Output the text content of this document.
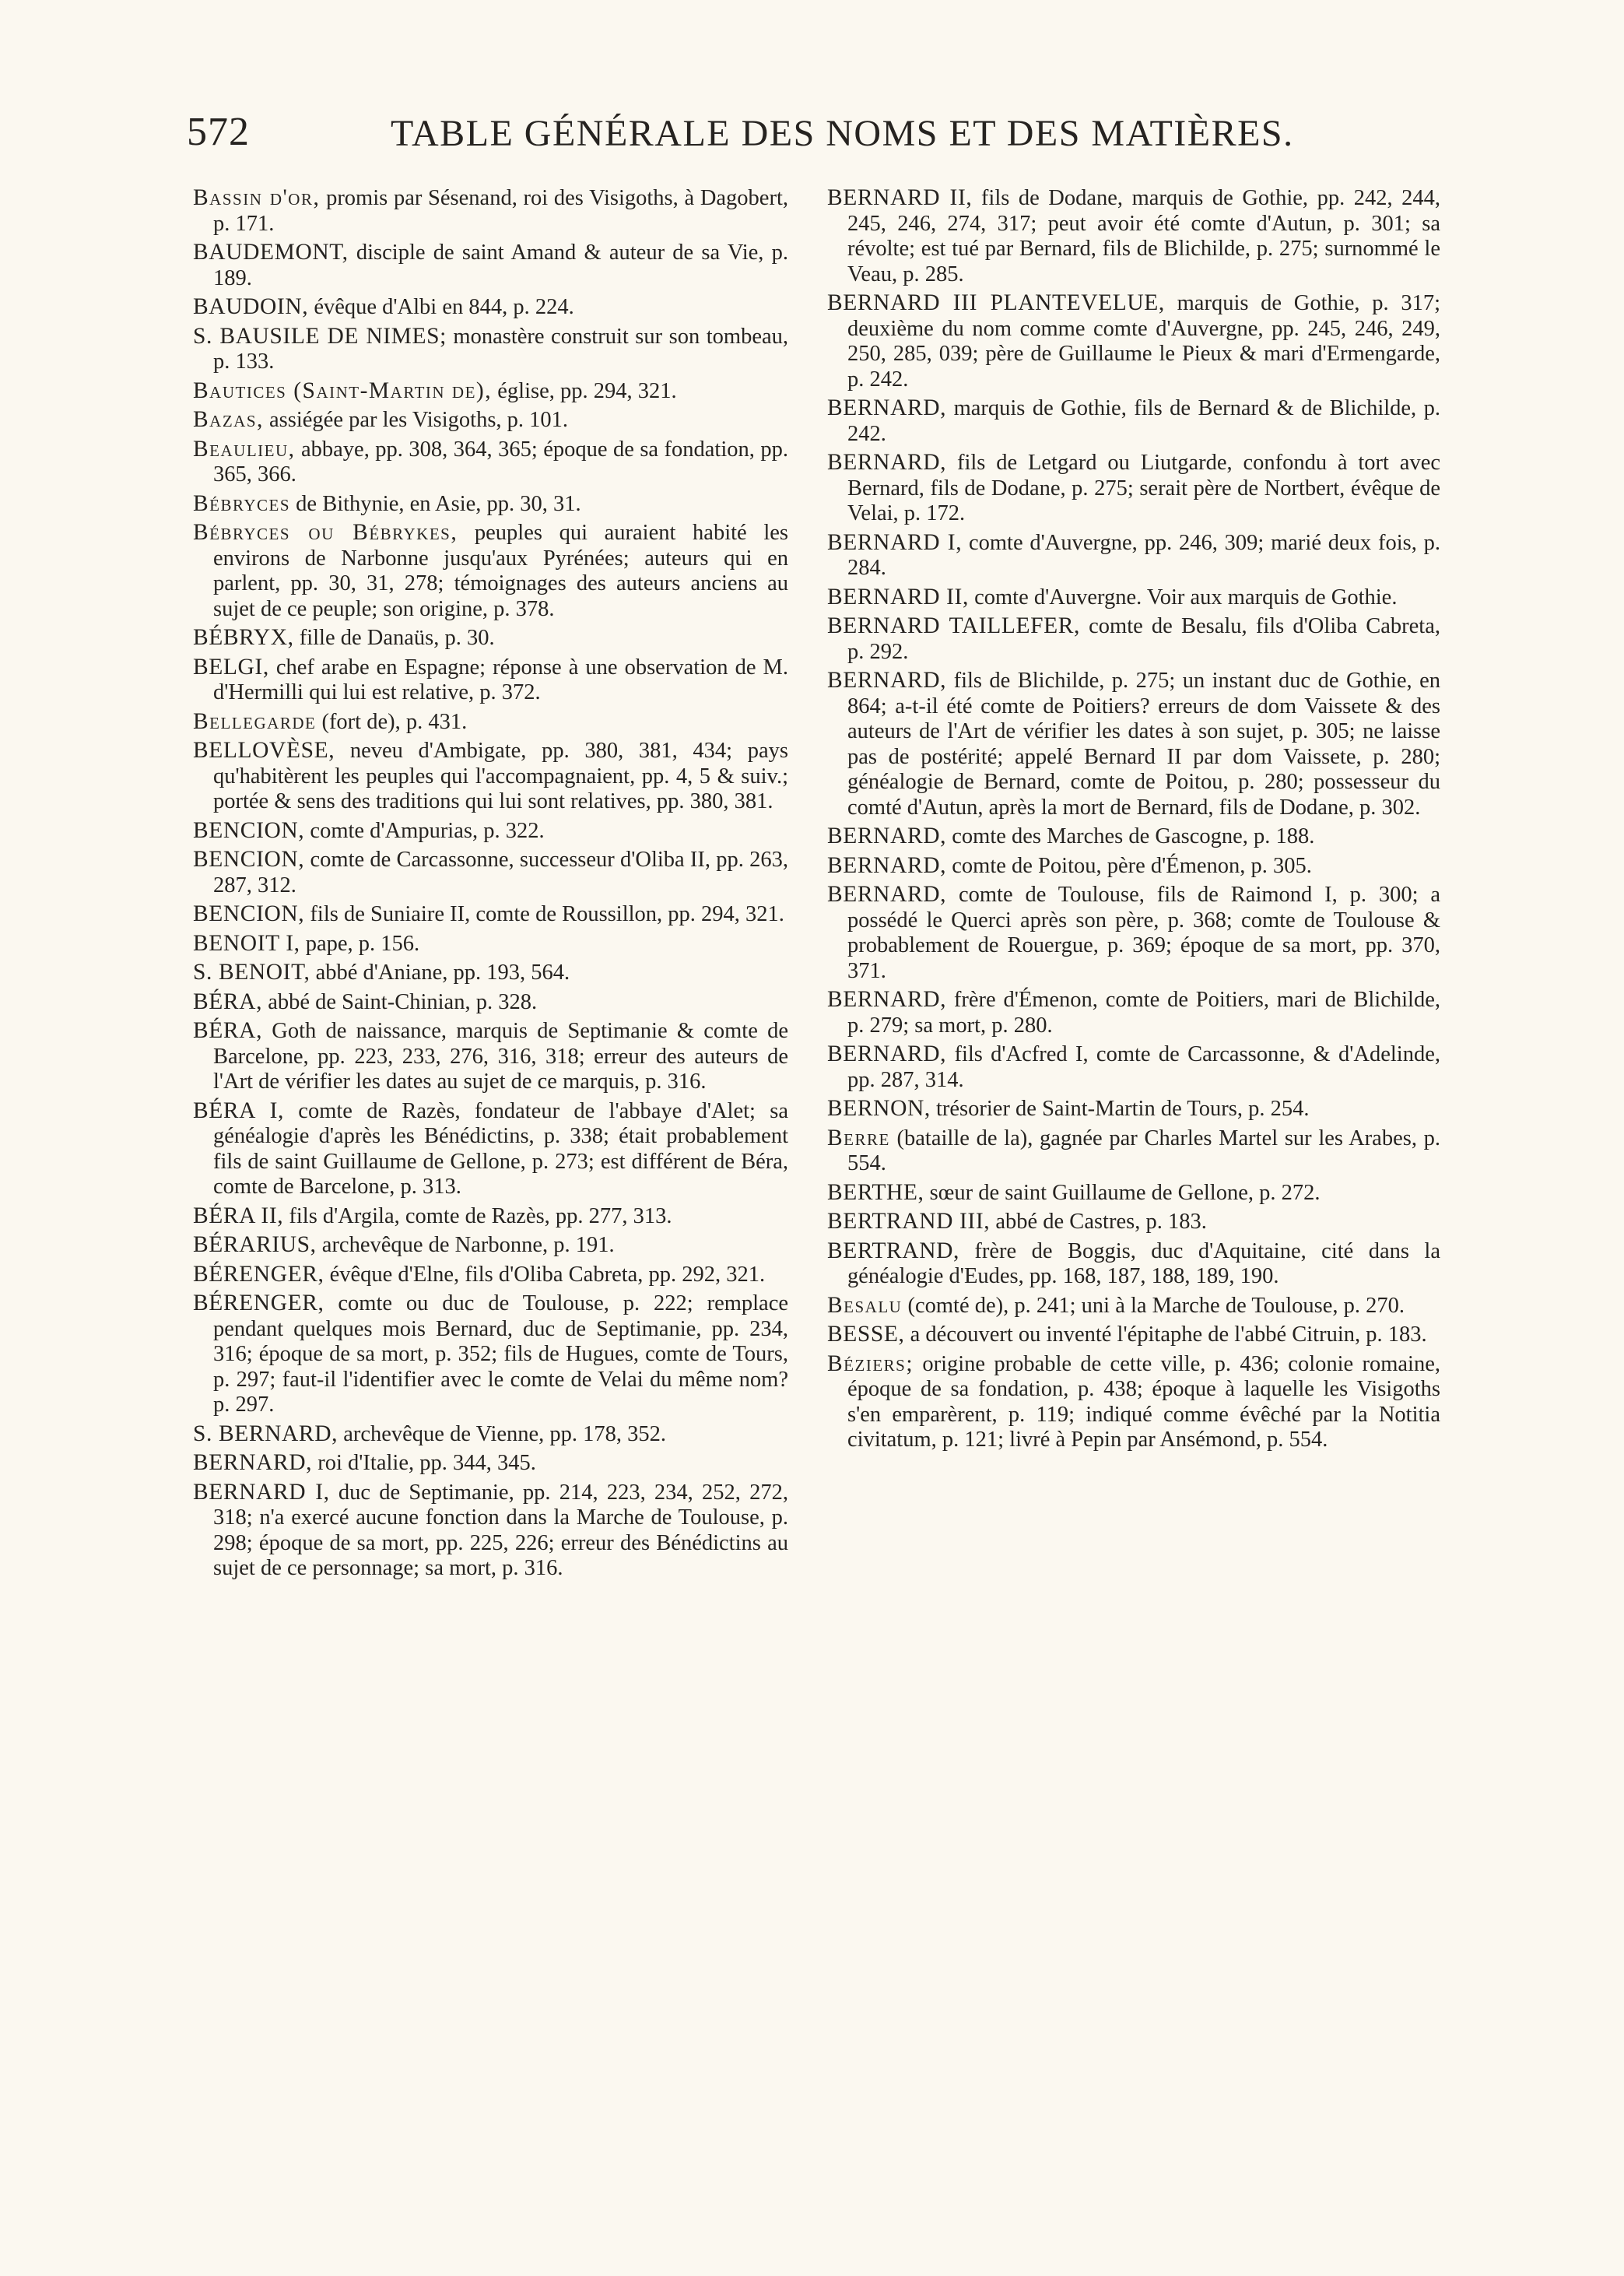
572	TABLE GÉNÉRALE DES NOMS ET DES MATIÈRES.

Bassin d'or, promis par Sésenand, roi des Visigoths, à Dagobert, p. 171.

BAUDEMONT, disciple de saint Amand & auteur de sa Vie, p. 189.

BAUDOIN, évêque d'Albi en 844, p. 224.

S. BAUSILE DE NIMES; monastère construit sur son tombeau, p. 133.

Bautices (Saint-Martin de), église, pp. 294, 321.

Bazas, assiégée par les Visigoths, p. 101.

Beaulieu, abbaye, pp. 308, 364, 365; époque de sa fondation, pp. 365, 366.

Bébryces de Bithynie, en Asie, pp. 30, 31.

Bébryces ou Bébrykes, peuples qui auraient habité les environs de Narbonne jusqu'aux Pyrénées; auteurs qui en parlent, pp. 30, 31, 278; témoignages des auteurs anciens au sujet de ce peuple; son origine, p. 378.

BÉBRYX, fille de Danaüs, p. 30.

BELGI, chef arabe en Espagne; réponse à une observation de M. d'Hermilli qui lui est relative, p. 372.

Bellegarde (fort de), p. 431.

BELLOVÈSE, neveu d'Ambigate, pp. 380, 381, 434; pays qu'habitèrent les peuples qui l'accompagnaient, pp. 4, 5 & suiv.; portée & sens des traditions qui lui sont relatives, pp. 380, 381.

BENCION, comte d'Ampurias, p. 322.

BENCION, comte de Carcassonne, successeur d'Oliba II, pp. 263, 287, 312.

BENCION, fils de Suniaire II, comte de Roussillon, pp. 294, 321.

BENOIT I, pape, p. 156.

S. BENOIT, abbé d'Aniane, pp. 193, 564.

BÉRA, abbé de Saint-Chinian, p. 328.

BÉRA, Goth de naissance, marquis de Septimanie & comte de Barcelone, pp. 223, 233, 276, 316, 318; erreur des auteurs de l'Art de vérifier les dates au sujet de ce marquis, p. 316.

BÉRA I, comte de Razès, fondateur de l'abbaye d'Alet; sa généalogie d'après les Bénédictins, p. 338; était probablement fils de saint Guillaume de Gellone, p. 273; est différent de Béra, comte de Barcelone, p. 313.

BÉRA II, fils d'Argila, comte de Razès, pp. 277, 313.

BÉRARIUS, archevêque de Narbonne, p. 191.

BÉRENGER, évêque d'Elne, fils d'Oliba Cabreta, pp. 292, 321.

BÉRENGER, comte ou duc de Toulouse, p. 222; remplace pendant quelques mois Bernard, duc de Septimanie, pp. 234, 316; époque de sa mort, p. 352; fils de Hugues, comte de Tours, p. 297; faut-il l'identifier avec le comte de Velai du même nom? p. 297.

S. BERNARD, archevêque de Vienne, pp. 178, 352.

BERNARD, roi d'Italie, pp. 344, 345.

BERNARD I, duc de Septimanie, pp. 214, 223, 234, 252, 272, 318; n'a exercé aucune fonction dans la Marche de Toulouse, p. 298; époque de sa mort, pp. 225, 226; erreur des Bénédictins au sujet de ce personnage; sa mort, p. 316.

BERNARD II, fils de Dodane, marquis de Gothie, pp. 242, 244, 245, 246, 274, 317; peut avoir été comte d'Autun, p. 301; sa révolte; est tué par Bernard, fils de Blichilde, p. 275; surnommé le Veau, p. 285.

BERNARD III PLANTEVELUE, marquis de Gothie, p. 317; deuxième du nom comme comte d'Auvergne, pp. 245, 246, 249, 250, 285, 039; père de Guillaume le Pieux & mari d'Ermengarde, p. 242.

BERNARD, marquis de Gothie, fils de Bernard & de Blichilde, p. 242.

BERNARD, fils de Letgard ou Liutgarde, confondu à tort avec Bernard, fils de Dodane, p. 275; serait père de Nortbert, évêque de Velai, p. 172.

BERNARD I, comte d'Auvergne, pp. 246, 309; marié deux fois, p. 284.

BERNARD II, comte d'Auvergne. Voir aux marquis de Gothie.

BERNARD TAILLEFER, comte de Besalu, fils d'Oliba Cabreta, p. 292.

BERNARD, fils de Blichilde, p. 275; un instant duc de Gothie, en 864; a-t-il été comte de Poitiers? erreurs de dom Vaissete & des auteurs de l'Art de vérifier les dates à son sujet, p. 305; ne laisse pas de postérité; appelé Bernard II par dom Vaissete, p. 280; généalogie de Bernard, comte de Poitou, p. 280; possesseur du comté d'Autun, après la mort de Bernard, fils de Dodane, p. 302.

BERNARD, comte des Marches de Gascogne, p. 188.

BERNARD, comte de Poitou, père d'Émenon, p. 305.

BERNARD, comte de Toulouse, fils de Raimond I, p. 300; a possédé le Querci après son père, p. 368; comte de Toulouse & probablement de Rouergue, p. 369; époque de sa mort, pp. 370, 371.

BERNARD, frère d'Émenon, comte de Poitiers, mari de Blichilde, p. 279; sa mort, p. 280.

BERNARD, fils d'Acfred I, comte de Carcassonne, & d'Adelinde, pp. 287, 314.

BERNON, trésorier de Saint-Martin de Tours, p. 254.

Berre (bataille de la), gagnée par Charles Martel sur les Arabes, p. 554.

BERTHE, sœur de saint Guillaume de Gellone, p. 272.

BERTRAND III, abbé de Castres, p. 183.

BERTRAND, frère de Boggis, duc d'Aquitaine, cité dans la généalogie d'Eudes, pp. 168, 187, 188, 189, 190.

Besalu (comté de), p. 241; uni à la Marche de Toulouse, p. 270.

BESSE, a découvert ou inventé l'épitaphe de l'abbé Citruin, p. 183.

Béziers; origine probable de cette ville, p. 436; colonie romaine, époque de sa fondation, p. 438; époque à laquelle les Visigoths s'en emparèrent, p. 119; indiqué comme évêché par la Notitia civitatum, p. 121; livré à Pepin par Ansémond, p. 554.
